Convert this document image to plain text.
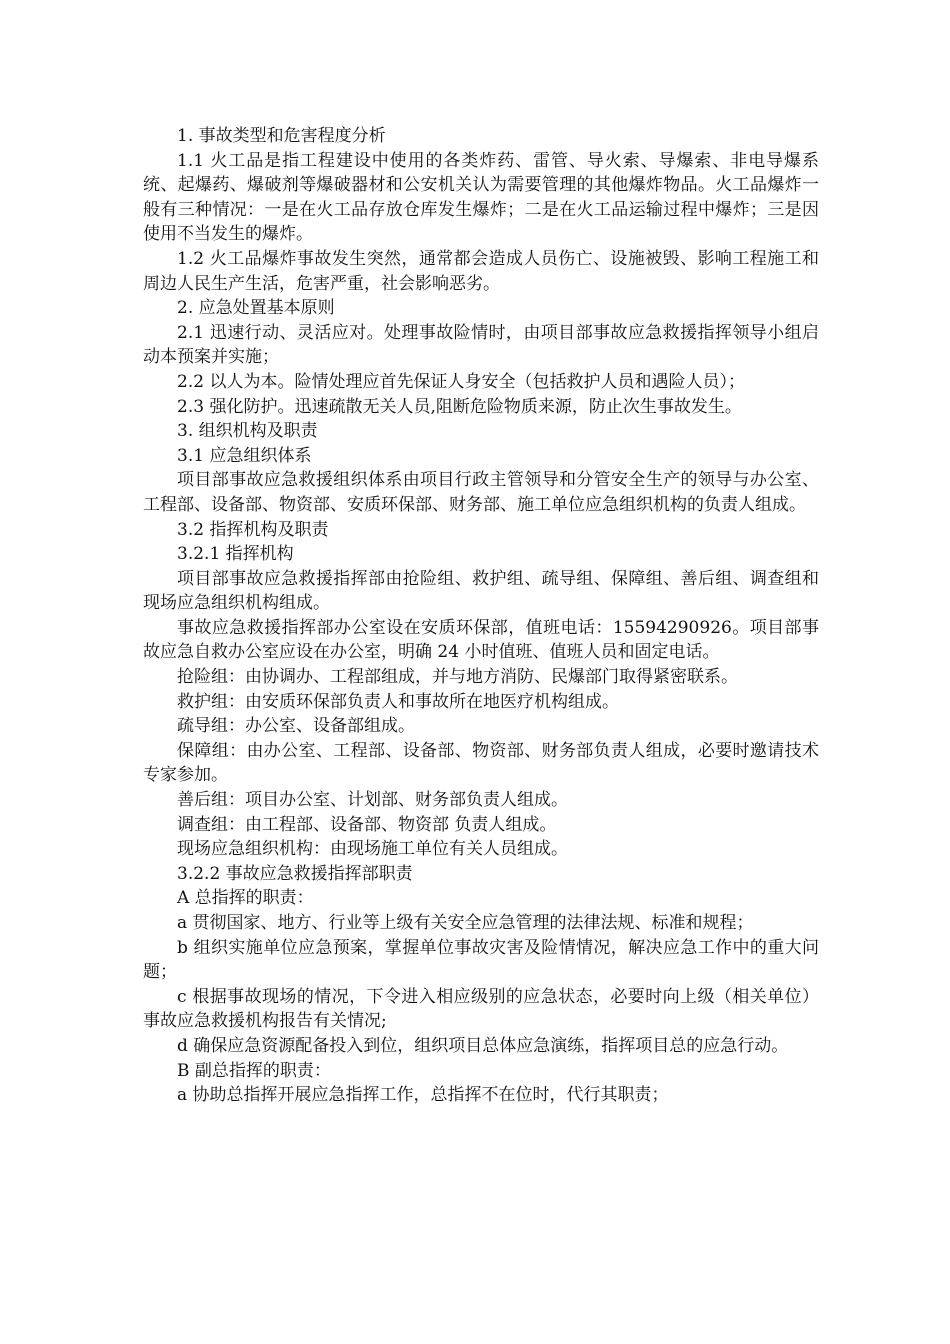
1. 事故类型和危害程度分析

1.1 火工品是指工程建设中使用的各类炸药、雷管、导火索、导爆索、非电导爆系统、起爆药、爆破剂等爆破器材和公安机关认为需要管理的其他爆炸物品。火工品爆炸一般有三种情况：一是在火工品存放仓库发生爆炸；二是在火工品运输过程中爆炸；三是因使用不当发生的爆炸。

1.2 火工品爆炸事故发生突然，通常都会造成人员伤亡、设施被毁、影响工程施工和周边人民生产生活，危害严重，社会影响恶劣。

2. 应急处置基本原则

2.1 迅速行动、灵活应对。处理事故险情时，由项目部事故应急救援指挥领导小组启动本预案并实施；

2.2 以人为本。险情处理应首先保证人身安全（包括救护人员和遇险人员）；

2.3 强化防护。迅速疏散无关人员,阻断危险物质来源，防止次生事故发生。

3. 组织机构及职责

3.1 应急组织体系

项目部事故应急救援组织体系由项目行政主管领导和分管安全生产的领导与办公室、工程部、设备部、物资部、安质环保部、财务部、施工单位应急组织机构的负责人组成。

3.2 指挥机构及职责

3.2.1 指挥机构

项目部事故应急救援指挥部由抢险组、救护组、疏导组、保障组、善后组、调查组和现场应急组织机构组成。

事故应急救援指挥部办公室设在安质环保部，值班电话：15594290926。项目部事故应急自救办公室应设在办公室，明确 24 小时值班、值班人员和固定电话。

抢险组：由协调办、工程部组成，并与地方消防、民爆部门取得紧密联系。

救护组：由安质环保部负责人和事故所在地医疗机构组成。

疏导组：办公室、设备部组成。

保障组：由办公室、工程部、设备部、物资部、财务部负责人组成，必要时邀请技术专家参加。

善后组：项目办公室、计划部、财务部负责人组成。

调查组：由工程部、设备部、物资部 负责人组成。

现场应急组织机构：由现场施工单位有关人员组成。

3.2.2 事故应急救援指挥部职责

A 总指挥的职责：

a 贯彻国家、地方、行业等上级有关安全应急管理的法律法规、标准和规程；

b 组织实施单位应急预案，掌握单位事故灾害及险情情况，解决应急工作中的重大问题；

c 根据事故现场的情况，下令进入相应级别的应急状态，必要时向上级（相关单位）事故应急救援机构报告有关情况;

d 确保应急资源配备投入到位，组织项目总体应急演练，指挥项目总的应急行动。

B 副总指挥的职责：

a 协助总指挥开展应急指挥工作，总指挥不在位时，代行其职责；
